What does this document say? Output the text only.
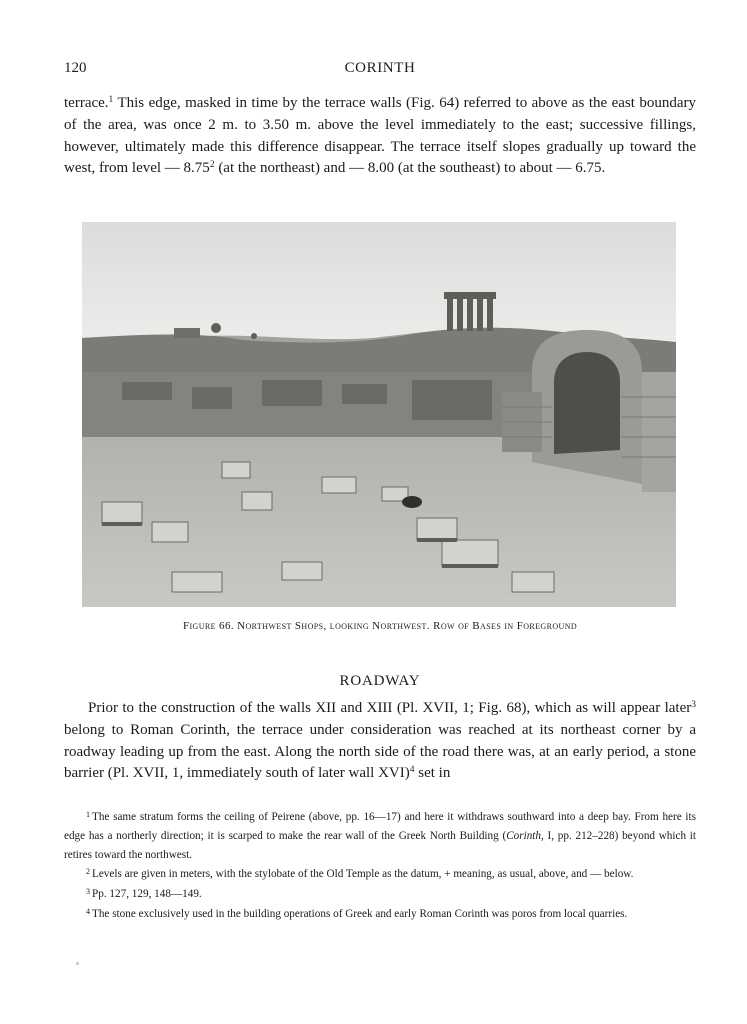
120	CORINTH

terrace.$^1$ This edge, masked in time by the terrace walls (Fig. 64) referred to above as the east boundary of the area, was once 2 m. to 3.50 m. above the level immediately to the east; successive fillings, however, ultimately made this difference disappear. The terrace itself slopes gradually up toward the west, from level — 8.75$^2$ (at the northeast) and — 8.00 (at the southeast) to about — 6.75.

Figure 66. Northwest Shops, looking Northwest. Row of Bases in Foreground
ROADWAY

Prior to the construction of the walls XII and XIII (Pl. XVII, 1; Fig. 68), which as will appear later$^3$ belong to Roman Corinth, the terrace under consideration was reached at its northeast corner by a roadway leading up from the east. Along the north side of the road there was, at an early period, a stone barrier (Pl. XVII, 1, immediately south of later wall XVI)$^4$ set in

$^1$ The same stratum forms the ceiling of Peirene (above, pp. 16—17) and here it withdraws southward into a deep bay. From here its edge has a northerly direction; it is scarped to make the rear wall of the Greek North Building (Corinth, I, pp. 212–228) beyond which it retires toward the northwest.

$^2$ Levels are given in meters, with the stylobate of the Old Temple as the datum, + meaning, as usual, above, and — below.

$^3$ Pp. 127, 129, 148—149.

$^4$ The stone exclusively used in the building operations of Greek and early Roman Corinth was poros from local quarries.
